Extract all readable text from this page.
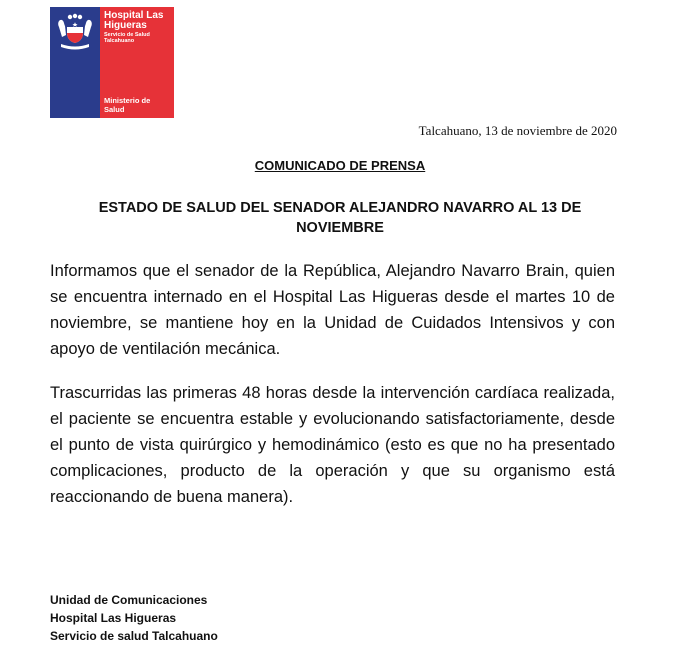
Hospital Las Higueras
Servicio de Salud Talcahuano
Ministerio de Salud
Talcahuano, 13 de noviembre de 2020
COMUNICADO DE PRENSA
ESTADO DE SALUD DEL SENADOR ALEJANDRO NAVARRO AL 13 DE NOVIEMBRE
Informamos que el senador de la República, Alejandro Navarro Brain, quien se encuentra internado en el Hospital Las Higueras desde el martes 10 de noviembre, se mantiene hoy en la Unidad de Cuidados Intensivos y con apoyo de ventilación mecánica.
Trascurridas las primeras 48 horas desde la intervención cardíaca realizada, el paciente se encuentra estable y evolucionando satisfactoriamente, desde el punto de vista quirúrgico y hemodinámico (esto es que no ha presentado complicaciones, producto de la operación y que su organismo está reaccionando de buena manera).
Unidad de Comunicaciones
Hospital Las Higueras
Servicio de salud Talcahuano
